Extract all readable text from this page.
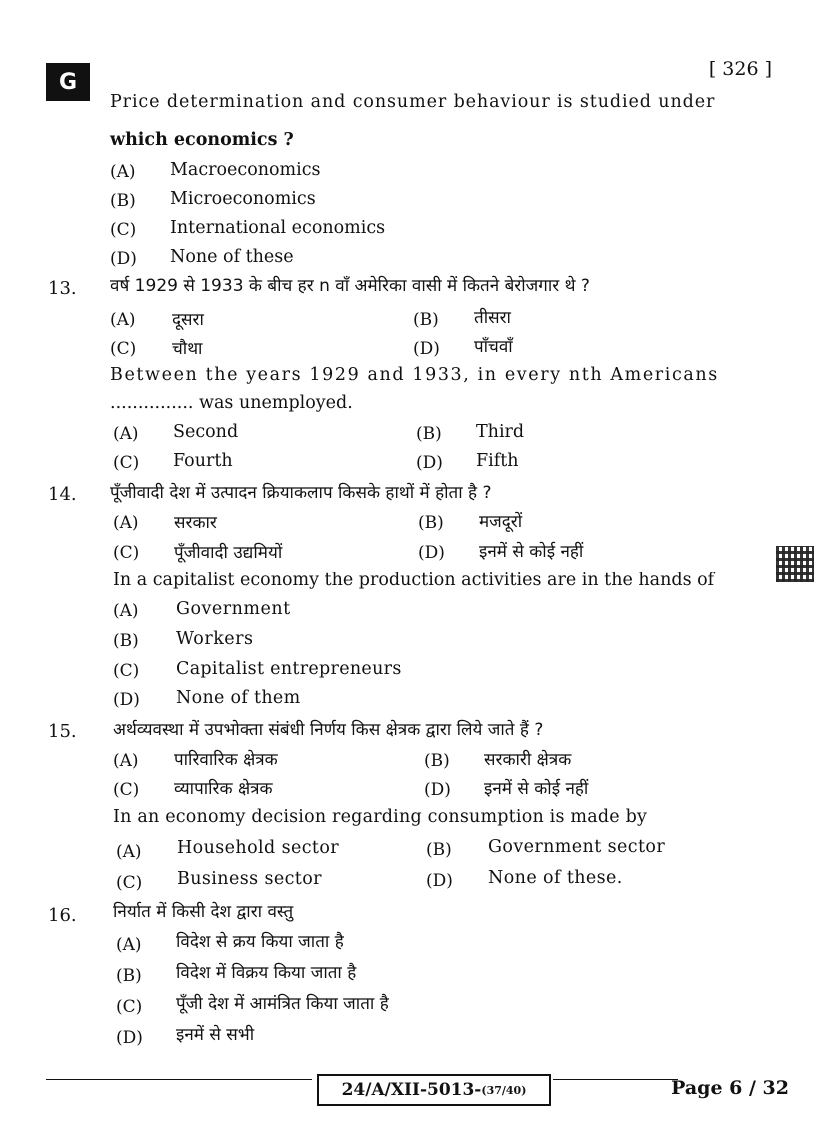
G
[ 326 ]
Price determination and consumer behaviour is studied under
which economics ?
(A) Macroeconomics
(B) Microeconomics
(C) International economics
(D) None of these
13. वर्ष 1929 से 1933 के बीच हर n वाँ अमेरिका वासी में कितने बेरोजगार थे ?
(A) दूसरा	(B) तीसरा
(C) चौथा	(D) पाँचवाँ
Between the years 1929 and 1933, in every nth Americans
............... was unemployed.
(A) Second	(B) Third
(C) Fourth	(D) Fifth
14. पूँजीवादी देश में उत्पादन क्रियाकलाप किसके हाथों में होता है ?
(A) सरकार	(B) मजदूरों
(C) पूँजीवादी उद्यमियों	(D) इनमें से कोई नहीं
In a capitalist economy the production activities are in the hands of
(A) Government
(B) Workers
(C) Capitalist entrepreneurs
(D) None of them
15. अर्थव्यवस्था में उपभोक्ता संबंधी निर्णय किस क्षेत्रक द्वारा लिये जाते हैं ?
(A) पारिवारिक क्षेत्रक	(B) सरकारी क्षेत्रक
(C) व्यापारिक क्षेत्रक	(D) इनमें से कोई नहीं
In an economy decision regarding consumption is made by
(A) Household sector	(B) Government sector
(C) Business sector	(D) None of these.
16. निर्यात में किसी देश द्वारा वस्तु
(A) विदेश से क्रय किया जाता है
(B) विदेश में विक्रय किया जाता है
(C) पूँजी देश में आमंत्रित किया जाता है
(D) इनमें से सभी
24/A/XII-5013- (37/40)	Page 6 / 32
